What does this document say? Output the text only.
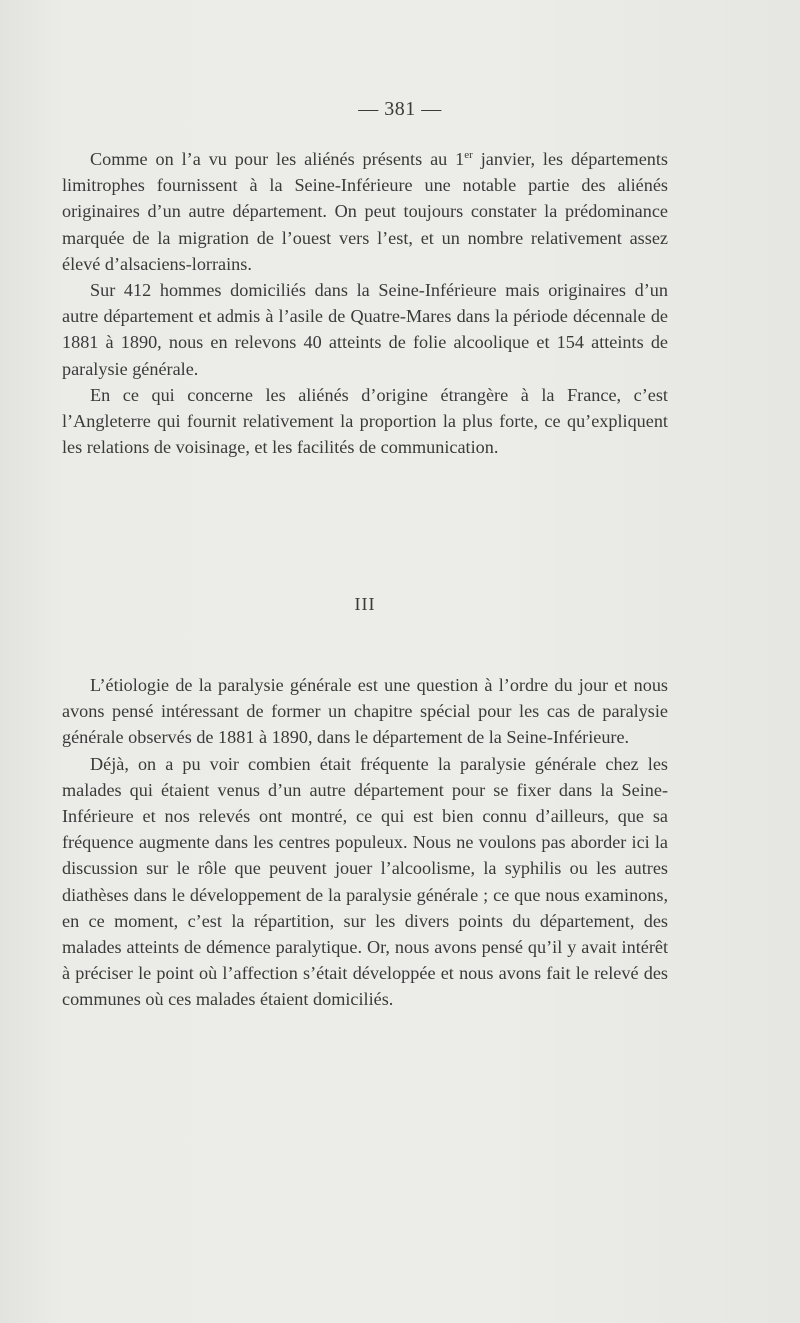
— 381 —

Comme on l’a vu pour les aliénés présents au 1er janvier, les départements limitrophes fournissent à la Seine-Inférieure une notable partie des aliénés originaires d’un autre département. On peut toujours constater la prédominance marquée de la migration de l’ouest vers l’est, et un nombre relativement assez élevé d’alsaciens-lorrains.

Sur 412 hommes domiciliés dans la Seine-Inférieure mais originaires d’un autre département et admis à l’asile de Quatre-Mares dans la période décennale de 1881 à 1890, nous en relevons 40 atteints de folie alcoolique et 154 atteints de paralysie générale.

En ce qui concerne les aliénés d’origine étrangère à la France, c’est l’Angleterre qui fournit relativement la proportion la plus forte, ce qu’expliquent les relations de voisinage, et les facilités de communication.

III

L’étiologie de la paralysie générale est une question à l’ordre du jour et nous avons pensé intéressant de former un chapitre spécial pour les cas de paralysie générale observés de 1881 à 1890, dans le département de la Seine-Inférieure.

Déjà, on a pu voir combien était fréquente la paralysie générale chez les malades qui étaient venus d’un autre département pour se fixer dans la Seine-Inférieure et nos relevés ont montré, ce qui est bien connu d’ailleurs, que sa fréquence augmente dans les centres populeux. Nous ne voulons pas aborder ici la discussion sur le rôle que peuvent jouer l’alcoolisme, la syphilis ou les autres diathèses dans le développement de la paralysie générale ; ce que nous examinons, en ce moment, c’est la répartition, sur les divers points du département, des malades atteints de démence paralytique. Or, nous avons pensé qu’il y avait intérêt à préciser le point où l’affection s’était développée et nous avons fait le relevé des communes où ces malades étaient domiciliés.
